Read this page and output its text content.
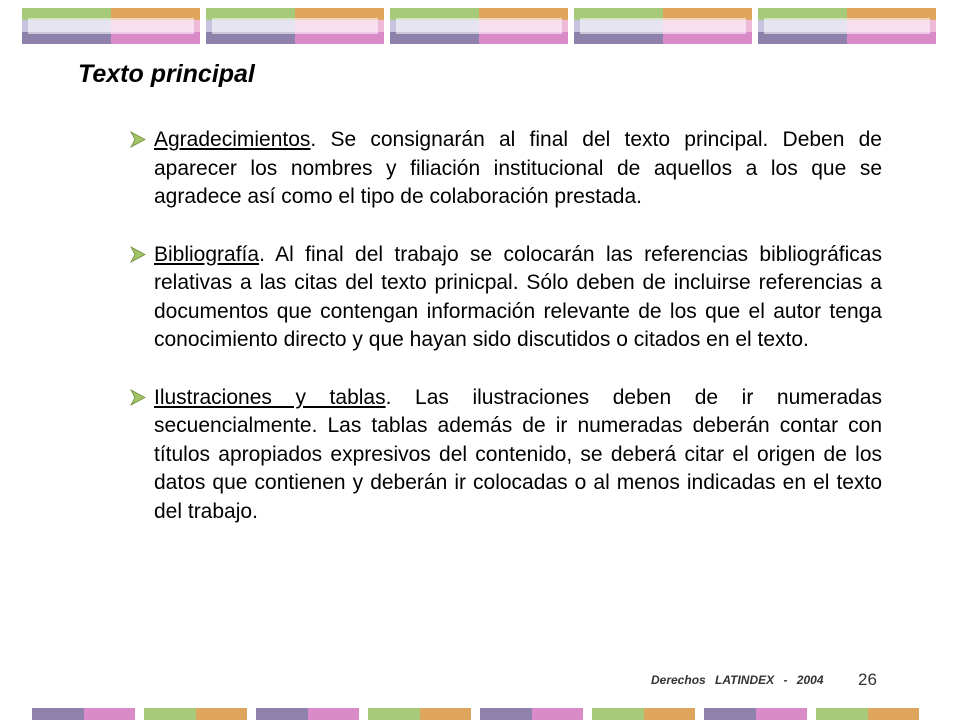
Texto principal

Agradecimientos. Se consignarán al final del texto principal. Deben de aparecer los nombres y filiación institucional de aquellos a los que se agradece así como el tipo de colaboración prestada.

Bibliografía. Al final del trabajo se colocarán las referencias bibliográficas relativas a las citas del texto prinicpal. Sólo deben de incluirse referencias a documentos que contengan información relevante de los que el autor tenga conocimiento directo y que hayan sido discutidos o citados en el texto.

Ilustraciones y tablas. Las ilustraciones deben de ir numeradas secuencialmente. Las tablas además de ir numeradas deberán contar con títulos apropiados expresivos del contenido, se deberá citar el origen de los datos que contienen y deberán ir colocadas o al menos indicadas en el texto del trabajo.

Derechos LATINDEX - 2004 26
